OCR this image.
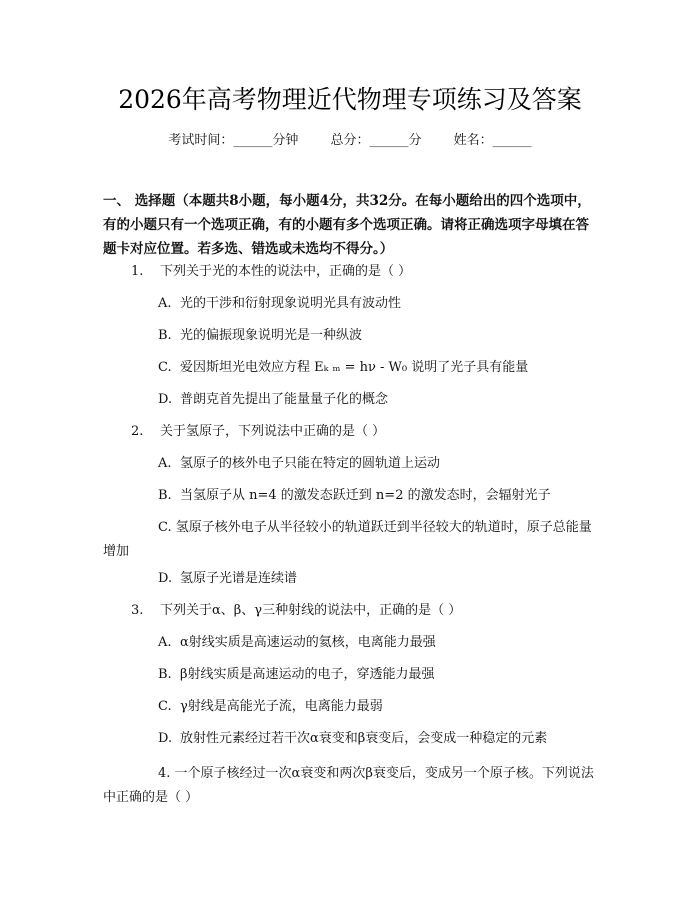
2026年高考物理近代物理专项练习及答案
考试时间：______分钟 总分：______分 姓名：______
一、 选择题（本题共8小题，每小题4分，共32分。在每小题给出的四个选项中，有的小题只有一个选项正确，有的小题有多个选项正确。请将正确选项字母填在答题卡对应位置。若多选、错选或未选均不得分。）
1. 下列关于光的本性的说法中，正确的是（ ）
A. 光的干涉和衍射现象说明光具有波动性
B. 光的偏振现象说明光是一种纵波
C. 爱因斯坦光电效应方程 Eₖ ₘ = hν - W₀ 说明了光子具有能量
D. 普朗克首先提出了能量量子化的概念
2. 关于氢原子，下列说法中正确的是（ ）
A. 氢原子的核外电子只能在特定的圆轨道上运动
B. 当氢原子从 n=4 的激发态跃迁到 n=2 的激发态时，会辐射光子
C. 氢原子核外电子从半径较小的轨道跃迁到半径较大的轨道时，原子总能量增加
D. 氢原子光谱是连续谱
3. 下列关于α、β、γ三种射线的说法中，正确的是（ ）
A. α射线实质是高速运动的氦核，电离能力最强
B. β射线实质是高速运动的电子，穿透能力最强
C. γ射线是高能光子流，电离能力最弱
D. 放射性元素经过若干次α衰变和β衰变后，会变成一种稳定的元素
4. 一个原子核经过一次α衰变和两次β衰变后，变成另一个原子核。下列说法中正确的是（ ）
